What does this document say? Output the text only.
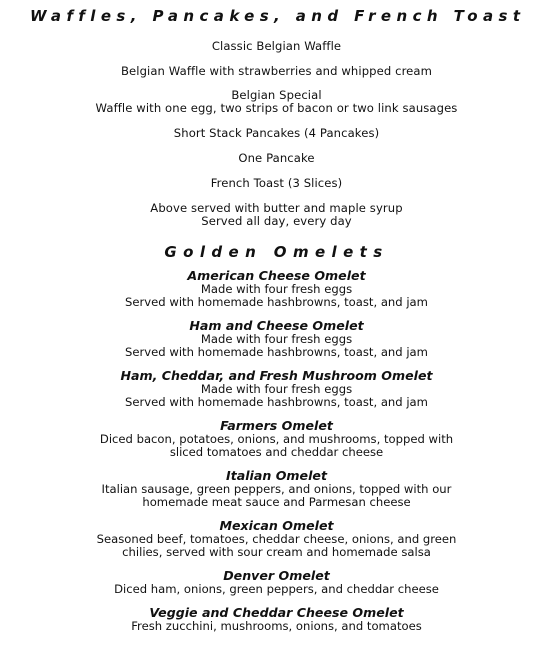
Waffles, Pancakes, and French Toast
Classic Belgian Waffle
Belgian Waffle with strawberries and whipped cream
Belgian Special
Waffle with one egg, two strips of bacon or two link sausages
Short Stack Pancakes (4 Pancakes)
One Pancake
French Toast (3 Slices)
Above served with butter and maple syrup
Served all day, every day
Golden Omelets
American Cheese Omelet
Made with four fresh eggs
Served with homemade hashbrowns, toast, and jam
Ham and Cheese Omelet
Made with four fresh eggs
Served with homemade hashbrowns, toast, and jam
Ham, Cheddar, and Fresh Mushroom Omelet
Made with four fresh eggs
Served with homemade hashbrowns, toast, and jam
Farmers Omelet
Diced bacon, potatoes, onions, and mushrooms, topped with
sliced tomatoes and cheddar cheese
Italian Omelet
Italian sausage, green peppers, and onions, topped with our
homemade meat sauce and Parmesan cheese
Mexican Omelet
Seasoned beef, tomatoes, cheddar cheese, onions, and green
chilies, served with sour cream and homemade salsa
Denver Omelet
Diced ham, onions, green peppers, and cheddar cheese
Veggie and Cheddar Cheese Omelet
Fresh zucchini, mushrooms, onions, and tomatoes
